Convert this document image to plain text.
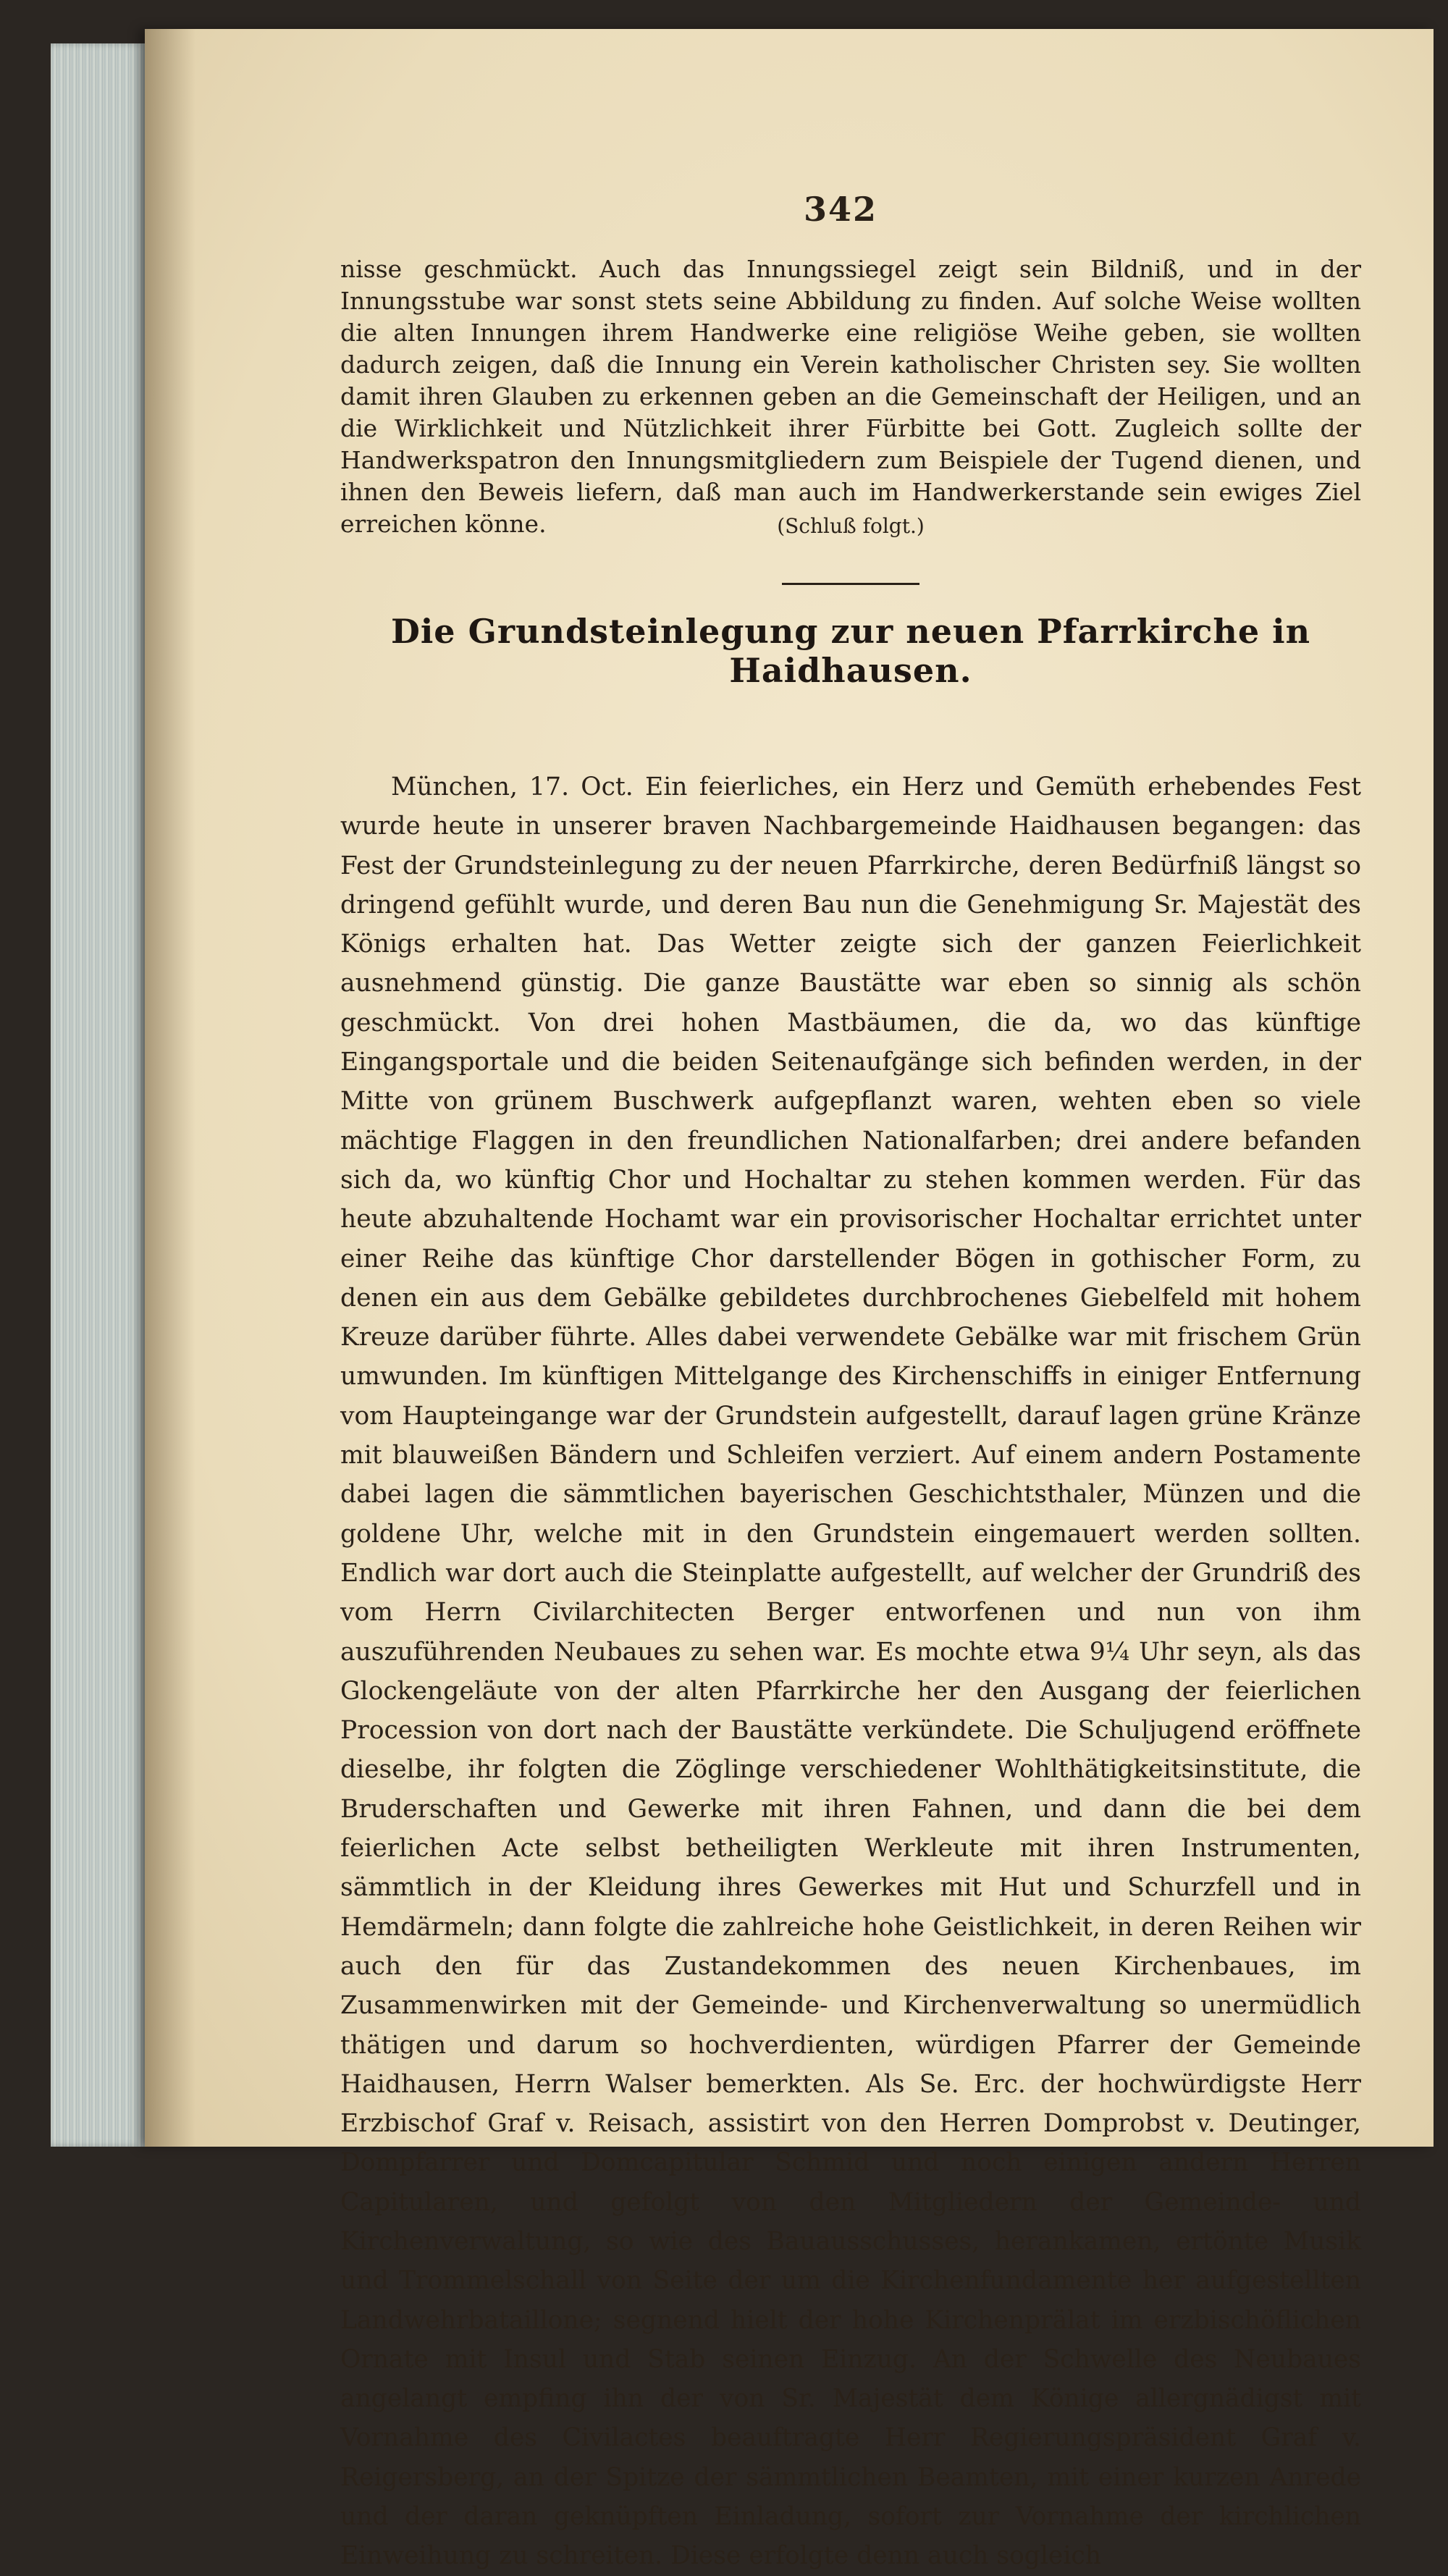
342

nisse geschmückt. Auch das Innungssiegel zeigt sein Bildniß, und in der Innungsstube war sonst stets seine Abbildung zu finden. Auf solche Weise wollten die alten Innungen ihrem Handwerke eine religiöse Weihe geben, sie wollten dadurch zeigen, daß die Innung ein Verein katholischer Christen sey. Sie wollten damit ihren Glauben zu erkennen geben an die Gemeinschaft der Heiligen, und an die Wirklichkeit und Nützlichkeit ihrer Fürbitte bei Gott. Zugleich sollte der Handwerkspatron den Innungsmitgliedern zum Beispiele der Tugend dienen, und ihnen den Beweis liefern, daß man auch im Handwerkerstande sein ewiges Ziel erreichen könne.	(Schluß folgt.)
Die Grundsteinlegung zur neuen Pfarrkirche in Haidhausen.

München, 17. Oct. Ein feierliches, ein Herz und Gemüth erhebendes Fest wurde heute in unserer braven Nachbargemeinde Haidhausen begangen: das Fest der Grundsteinlegung zu der neuen Pfarrkirche, deren Bedürfniß längst so dringend gefühlt wurde, und deren Bau nun die Genehmigung Sr. Majestät des Königs erhalten hat. Das Wetter zeigte sich der ganzen Feierlichkeit ausnehmend günstig. Die ganze Baustätte war eben so sinnig als schön geschmückt. Von drei hohen Mastbäumen, die da, wo das künftige Eingangsportale und die beiden Seitenaufgänge sich befinden werden, in der Mitte von grünem Buschwerk aufgepflanzt waren, wehten eben so viele mächtige Flaggen in den freundlichen Nationalfarben; drei andere befanden sich da, wo künftig Chor und Hochaltar zu stehen kommen werden. Für das heute abzuhaltende Hochamt war ein provisorischer Hochaltar errichtet unter einer Reihe das künftige Chor darstellender Bögen in gothischer Form, zu denen ein aus dem Gebälke gebildetes durchbrochenes Giebelfeld mit hohem Kreuze darüber führte. Alles dabei verwendete Gebälke war mit frischem Grün umwunden. Im künftigen Mittelgange des Kirchenschiffs in einiger Entfernung vom Haupteingange war der Grundstein aufgestellt, darauf lagen grüne Kränze mit blauweißen Bändern und Schleifen verziert. Auf einem andern Postamente dabei lagen die sämmtlichen bayerischen Geschichtsthaler, Münzen und die goldene Uhr, welche mit in den Grundstein eingemauert werden sollten. Endlich war dort auch die Steinplatte aufgestellt, auf welcher der Grundriß des vom Herrn Civilarchitecten Berger entworfenen und nun von ihm auszuführenden Neubaues zu sehen war. Es mochte etwa 9¼ Uhr seyn, als das Glockengeläute von der alten Pfarrkirche her den Ausgang der feierlichen Procession von dort nach der Baustätte verkündete. Die Schuljugend eröffnete dieselbe, ihr folgten die Zöglinge verschiedener Wohlthätigkeitsinstitute, die Bruderschaften und Gewerke mit ihren Fahnen, und dann die bei dem feierlichen Acte selbst betheiligten Werkleute mit ihren Instrumenten, sämmtlich in der Kleidung ihres Gewerkes mit Hut und Schurzfell und in Hemdärmeln; dann folgte die zahlreiche hohe Geistlichkeit, in deren Reihen wir auch den für das Zustandekommen des neuen Kirchenbaues, im Zusammenwirken mit der Gemeinde- und Kirchenverwaltung so unermüdlich thätigen und darum so hochverdienten, würdigen Pfarrer der Gemeinde Haidhausen, Herrn Walser bemerkten. Als Se. Erc. der hochwürdigste Herr Erzbischof Graf v. Reisach, assistirt von den Herren Domprobst v. Deutinger, Dompfarrer und Domcapitular Schmid und noch einigen andern Herren Capitularen, und gefolgt von den Mitgliedern der Gemeinde- und Kirchenverwaltung, so wie des Bauausschusses, herankamen, ertönte Musik und Trommelschall von Seite der um die Kirchenfundamente her aufgestellten Landwehrbataillone; segnend hielt der hohe Kirchenprälat im erzbischöflichen Ornate mit Insul und Stab seinen Einzug. An der Schwelle des Neubaues angelangt empfing ihn der von Sr. Majestät dem Könige allergnädigst mit Vornahme des Civilactes beauftragte Herr Regierungspräsident Graf v. Reigersberg, an der Spitze der sämmtlichen Beamten, mit einer kurzen Anrede und der daran geknüpften Einladung, sofort zur Vornahme der kirchlichen Einweihung zu schreiten. Diese erfolgte denn auch sogleich
